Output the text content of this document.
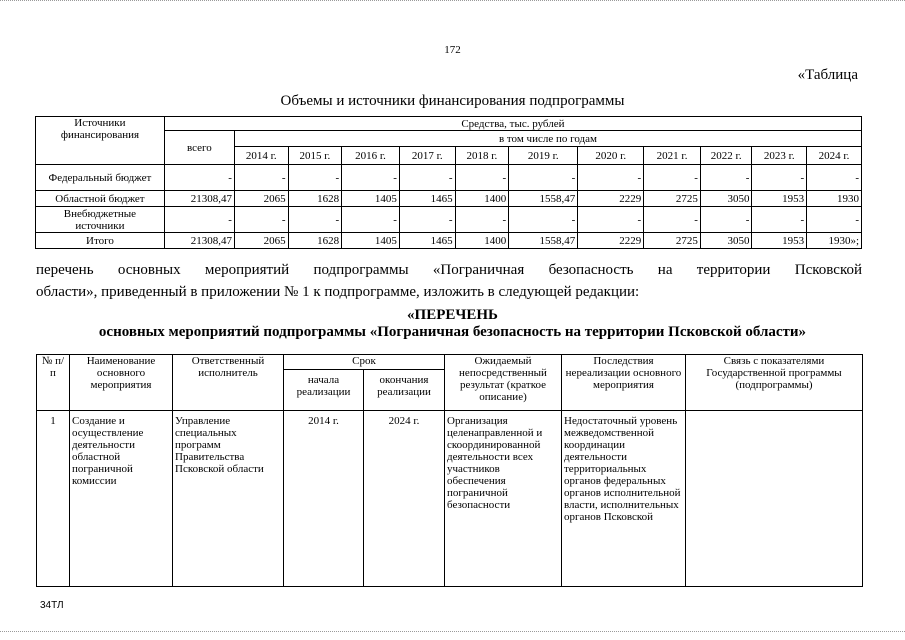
172
«Таблица
Объемы и источники финансирования подпрограммы
Источники финансирования	Средства, тыс. рублей											
	всего	в том числе по годам										
		2014 г.	2015 г.	2016 г.	2017 г.	2018 г.	2019 г.	2020 г.	2021 г.	2022 г.	2023 г.	2024 г.
Федеральный бюджет	-	-	-	-	-	-	-	-	-	-	-	-
Областной бюджет	21308,47	2065	1628	1405	1465	1400	1558,47	2229	2725	3050	1953	1930
Внебюджетные источники	-	-	-	-	-	-	-	-	-	-	-	-
Итого	21308,47	2065	1628	1405	1465	1400	1558,47	2229	2725	3050	1953	1930»;
перечень основных мероприятий подпрограммы «Пограничная безопасность на территории Псковской
области», приведенный в приложении № 1 к подпрограмме, изложить в следующей редакции:
«ПЕРЕЧЕНЬ
основных мероприятий подпрограммы «Пограничная безопасность на территории Псковской области»
№ п/п	Наименование основного мероприятия	Ответственный исполнитель	Срок		Ожидаемый непосредственный результат (краткое описание)	Последствия нереализации основного мероприятия	Связь с показателями Государственной программы (подпрограммы)
			начала реализации	окончания реализации			
1	Создание и осуществление деятельности областной пограничной комиссии	Управление специальных программ Правительства Псковской области	2014 г.	2024 г.	Организация целенаправленной и скоординированной деятельности всех участников обеспечения пограничной безопасности	Недостаточный уровень межведомственной координации деятельности территориальных органов федеральных органов исполнительной власти, исполнительных органов Псковской	
34ТЛ
